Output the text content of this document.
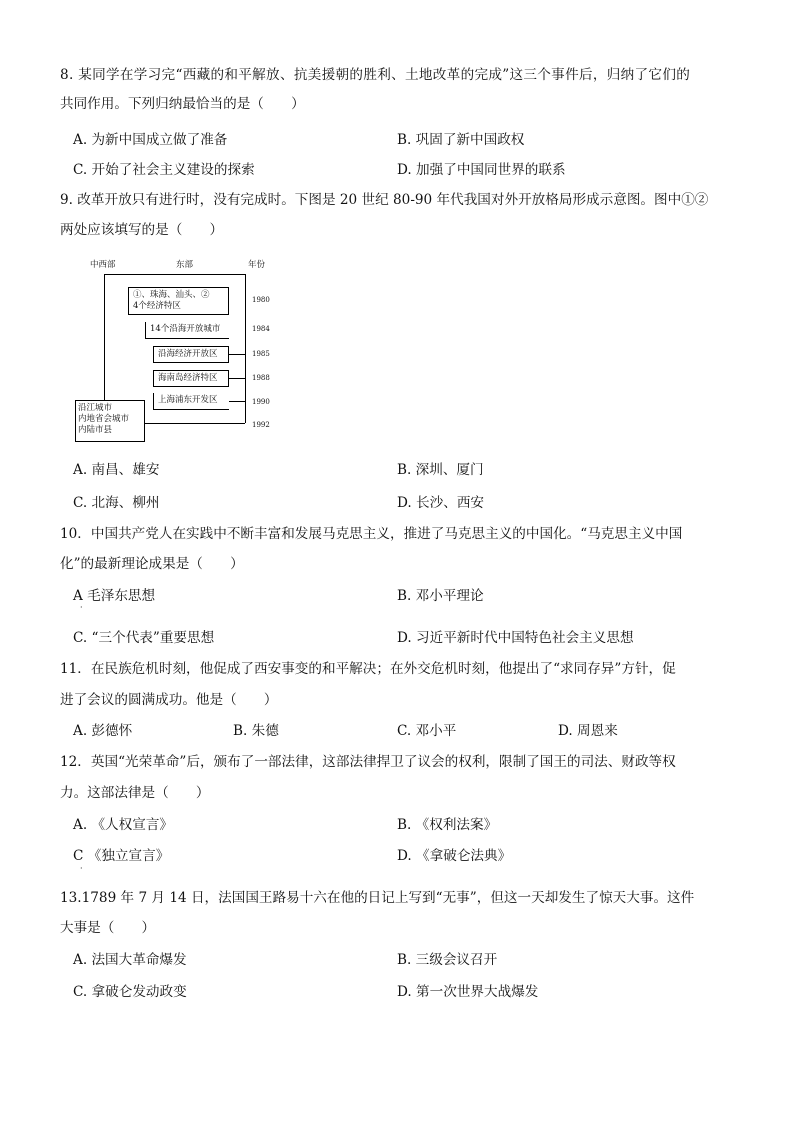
8. 某同学在学习完“西藏的和平解放、抗美援朝的胜利、土地改革的完成”这三个事件后，归纳了它们的
共同作用。下列归纳最恰当的是（　　）
A. 为新中国成立做了准备	B. 巩固了新中国政权
C. 开始了社会主义建设的探索	D. 加强了中国同世界的联系
9. 改革开放只有进行时，没有完成时。下图是 20 世纪 80-90 年代我国对外开放格局形成示意图。图中①②
两处应该填写的是（　　）
中西部	东部	年份
①、珠海、汕头、②
4个经济特区
14个沿海开放城市
沿海经济开放区
海南岛经济特区
上海浦东开发区
沿江城市
内地省会城市
内陆市县
1980
1984
1985
1988
1990
1992
A. 南昌、雄安	B. 深圳、厦门
C. 北海、柳州	D. 长沙、西安
10．中国共产党人在实践中不断丰富和发展马克思主义，推进了马克思主义的中国化。“马克思主义中国
化”的最新理论成果是（　　）
A 毛泽东思想
·
B. 邓小平理论
C. “三个代表”重要思想	D. 习近平新时代中国特色社会主义思想
11．在民族危机时刻，他促成了西安事变的和平解决；在外交危机时刻，他提出了“求同存异”方针，促
进了会议的圆满成功。他是（　　）
A. 彭德怀	B. 朱德	C. 邓小平	D. 周恩来
12．英国“光荣革命”后，颁布了一部法律，这部法律捍卫了议会的权利，限制了国王的司法、财政等权
力。这部法律是（　　）
A. 《人权宣言》	B. 《权利法案》
C 《独立宣言》
·
D. 《拿破仑法典》
13.1789 年 7 月 14 日，法国国王路易十六在他的日记上写到“无事”，但这一天却发生了惊天大事。这件
大事是（　　）
A. 法国大革命爆发	B. 三级会议召开
C. 拿破仑发动政变	D. 第一次世界大战爆发
